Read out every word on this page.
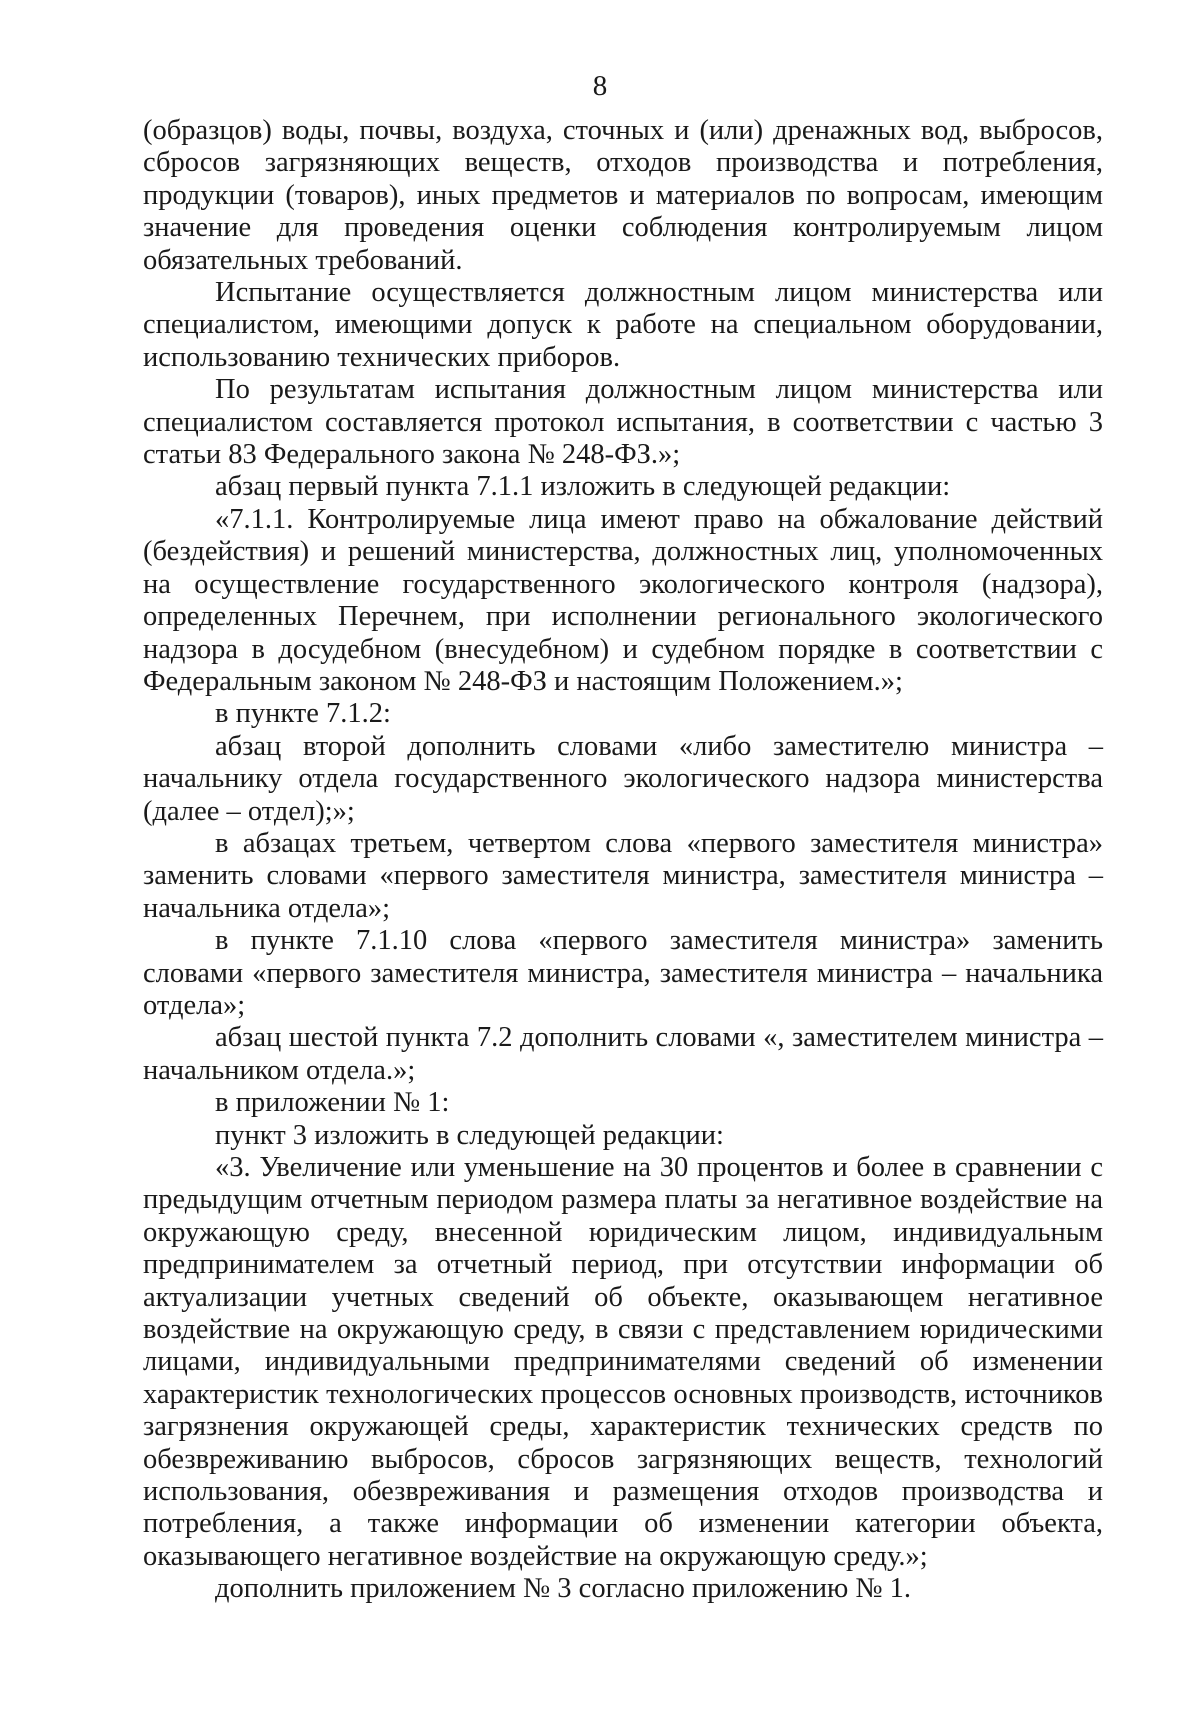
8

(образцов) воды, почвы, воздуха, сточных и (или) дренажных вод, выбросов, сбросов загрязняющих веществ, отходов производства и потребления, продукции (товаров), иных предметов и материалов по вопросам, имеющим значение для проведения оценки соблюдения контролируемым лицом обязательных требований.

Испытание осуществляется должностным лицом министерства или специалистом, имеющими допуск к работе на специальном оборудовании, использованию технических приборов.

По результатам испытания должностным лицом министерства или специалистом составляется протокол испытания, в соответствии с частью 3 статьи 83 Федерального закона № 248-ФЗ.»;

абзац первый пункта 7.1.1 изложить в следующей редакции:

«7.1.1. Контролируемые лица имеют право на обжалование действий (бездействия) и решений министерства, должностных лиц, уполномоченных на осуществление государственного экологического контроля (надзора), определенных Перечнем, при исполнении регионального экологического надзора в досудебном (внесудебном) и судебном порядке в соответствии с Федеральным законом № 248-ФЗ и настоящим Положением.»;

в пункте 7.1.2:

абзац второй дополнить словами «либо заместителю министра – начальнику отдела государственного экологического надзора министерства (далее – отдел);»;

в абзацах третьем, четвертом слова «первого заместителя министра» заменить словами «первого заместителя министра, заместителя министра – начальника отдела»;

в пункте 7.1.10 слова «первого заместителя министра» заменить словами «первого заместителя министра, заместителя министра – начальника отдела»;

абзац шестой пункта 7.2 дополнить словами «, заместителем министра – начальником отдела.»;

в приложении № 1:

пункт 3 изложить в следующей редакции:

«3. Увеличение или уменьшение на 30 процентов и более в сравнении с предыдущим отчетным периодом размера платы за негативное воздействие на окружающую среду, внесенной юридическим лицом, индивидуальным предпринимателем за отчетный период, при отсутствии информации об актуализации учетных сведений об объекте, оказывающем негативное воздействие на окружающую среду, в связи с представлением юридическими лицами, индивидуальными предпринимателями сведений об изменении характеристик технологических процессов основных производств, источников загрязнения окружающей среды, характеристик технических средств по обезвреживанию выбросов, сбросов загрязняющих веществ, технологий использования, обезвреживания и размещения отходов производства и потребления, а также информации об изменении категории объекта, оказывающего негативное воздействие на окружающую среду.»;

дополнить приложением № 3 согласно приложению № 1.
